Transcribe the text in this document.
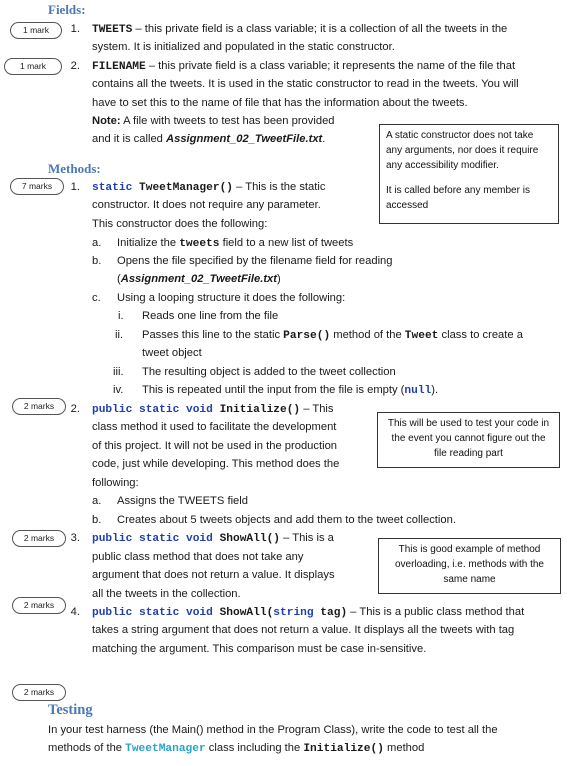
Fields:
Methods:
Testing
1 mark
1 mark
7 marks
2 marks
2 marks
2 marks
2 marks
1. TWEETS – this private field is a class variable; it is a collection of all the tweets in the
system. It is initialized and populated in the static constructor.
2. FILENAME – this private field is a class variable; it represents the name of the file that
contains all the tweets. It is used in the static constructor to read in the tweets. You will
have to set this to the name of file that has the information about the tweets.
Note: A file with tweets to test has been provided
and it is called Assignment_02_TweetFile.txt.	A static constructor does not take any arguments, nor does it require any accessibility modifier.

It is called before any member is accessed

1. static TweetManager() – This is the static
constructor. It does not require any parameter.
This constructor does the following:
a. Initialize the tweets field to a new list of tweets
b. Opens the file specified by the filename field for reading
(Assignment_02_TweetFile.txt)
c. Using a looping structure it does the following:
i. Reads one line from the file
ii. Passes this line to the static Parse() method of the Tweet class to create a
tweet object
iii. The resulting object is added to the tweet collection
iv. This is repeated until the input from the file is empty (null).
2. public static void Initialize() – This
class method it used to facilitate the development
of this project. It will not be used in the production
code, just while developing. This method does the
following:
a. Assigns the TWEETS field
b. Creates about 5 tweets objects and add them to the tweet collection.

This will be used to test your code in the event you cannot figure out the file reading part

3. public static void ShowAll() – This is a
public class method that does not take any
argument that does not return a value. It displays
all the tweets in the collection.

This is good example of method overloading, i.e. methods with the same name

4. public static void ShowAll(string tag) – This is a public class method that
takes a string argument that does not return a value. It displays all the tweets with tag
matching the argument. This comparison must be case in-sensitive.
In your test harness (the Main() method in the Program Class), write the code to test all the
methods of the TweetManager class including the Initialize() method
